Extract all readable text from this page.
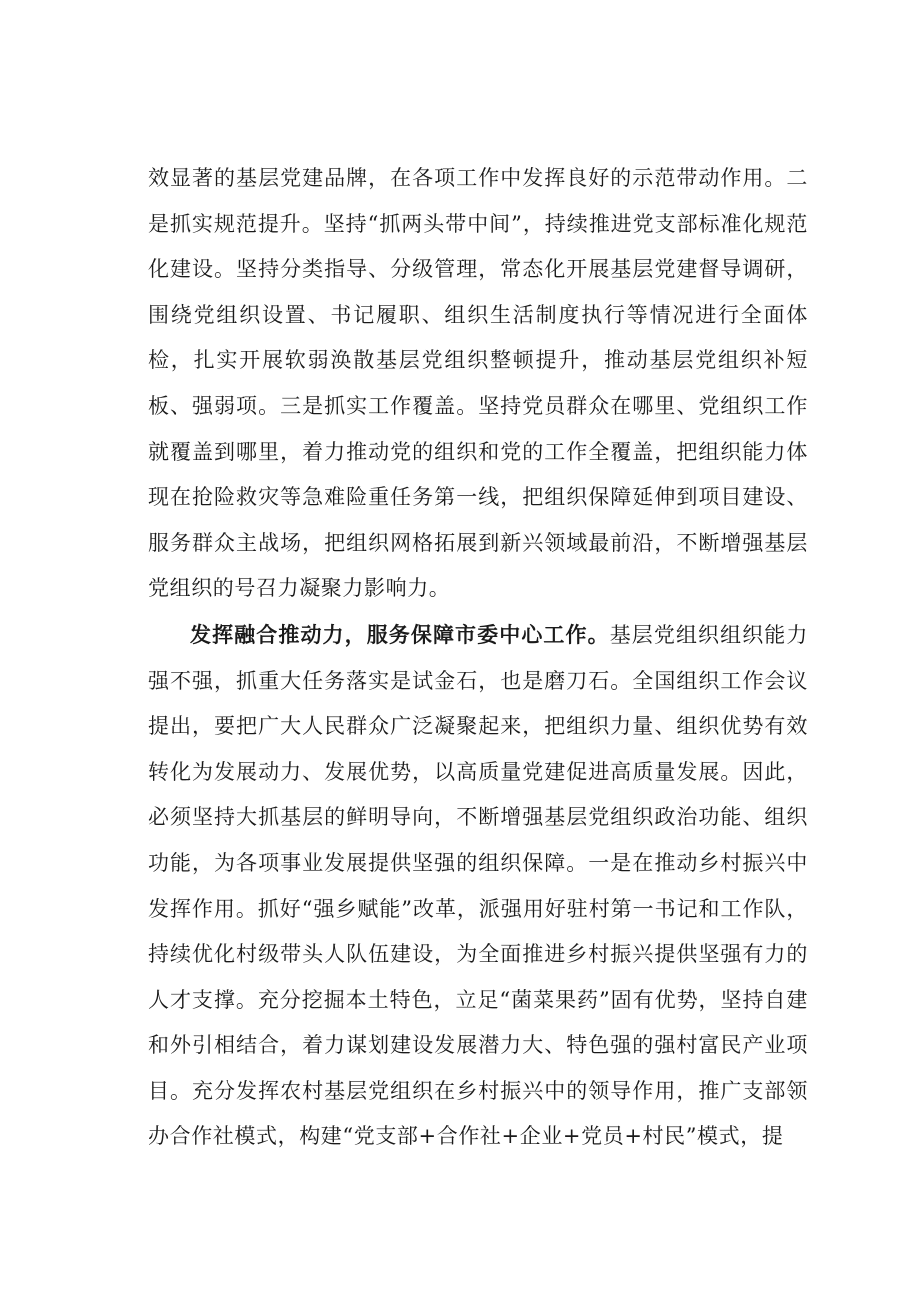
效显著的基层党建品牌，在各项工作中发挥良好的示范带动作用。二是抓实规范提升。坚持“抓两头带中间”，持续推进党支部标准化规范化建设。坚持分类指导、分级管理，常态化开展基层党建督导调研，围绕党组织设置、书记履职、组织生活制度执行等情况进行全面体检，扎实开展软弱涣散基层党组织整顿提升，推动基层党组织补短板、强弱项。三是抓实工作覆盖。坚持党员群众在哪里、党组织工作就覆盖到哪里，着力推动党的组织和党的工作全覆盖，把组织能力体现在抢险救灾等急难险重任务第一线，把组织保障延伸到项目建设、服务群众主战场，把组织网格拓展到新兴领域最前沿，不断增强基层党组织的号召力凝聚力影响力。

发挥融合推动力，服务保障市委中心工作。基层党组织组织能力强不强，抓重大任务落实是试金石，也是磨刀石。全国组织工作会议提出，要把广大人民群众广泛凝聚起来，把组织力量、组织优势有效转化为发展动力、发展优势，以高质量党建促进高质量发展。因此，必须坚持大抓基层的鲜明导向，不断增强基层党组织政治功能、组织功能，为各项事业发展提供坚强的组织保障。一是在推动乡村振兴中发挥作用。抓好“强乡赋能”改革，派强用好驻村第一书记和工作队，持续优化村级带头人队伍建设，为全面推进乡村振兴提供坚强有力的人才支撑。充分挖掘本土特色，立足“菌菜果药”固有优势，坚持自建和外引相结合，着力谋划建设发展潜力大、特色强的强村富民产业项目。充分发挥农村基层党组织在乡村振兴中的领导作用，推广支部领办合作社模式，构建“党支部+合作社+企业+党员+村民”模式，提
